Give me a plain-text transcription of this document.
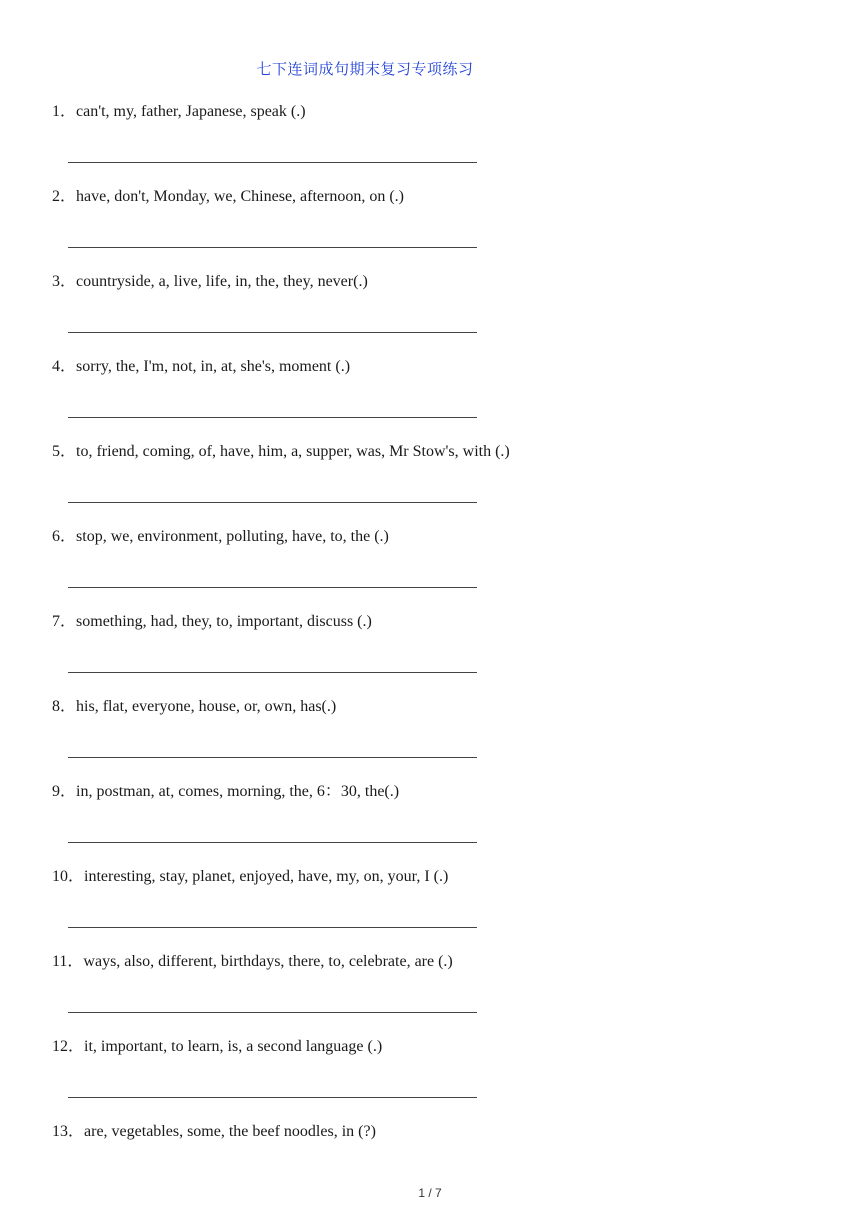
七下连词成句期末复习专项练习
1．can't, my, father, Japanese, speak (.)
2．have, don't, Monday, we, Chinese, afternoon, on (.)
3．countryside, a, live, life, in, the, they, never(.)
4．sorry, the, I'm, not, in, at, she's, moment (.)
5．to, friend, coming, of, have, him, a, supper, was, Mr Stow's, with (.)
6．stop, we, environment, polluting, have, to, the (.)
7．something, had, they, to, important, discuss (.)
8．his, flat, everyone, house, or, own, has(.)
9．in, postman, at, comes, morning, the, 6：30, the(.)
10．interesting, stay, planet, enjoyed, have, my, on, your, I (.)
11．ways, also, different, birthdays, there, to, celebrate, are (.)
12．it, important, to learn, is, a second language (.)
13．are, vegetables, some, the beef noodles, in (?)
1 / 7
